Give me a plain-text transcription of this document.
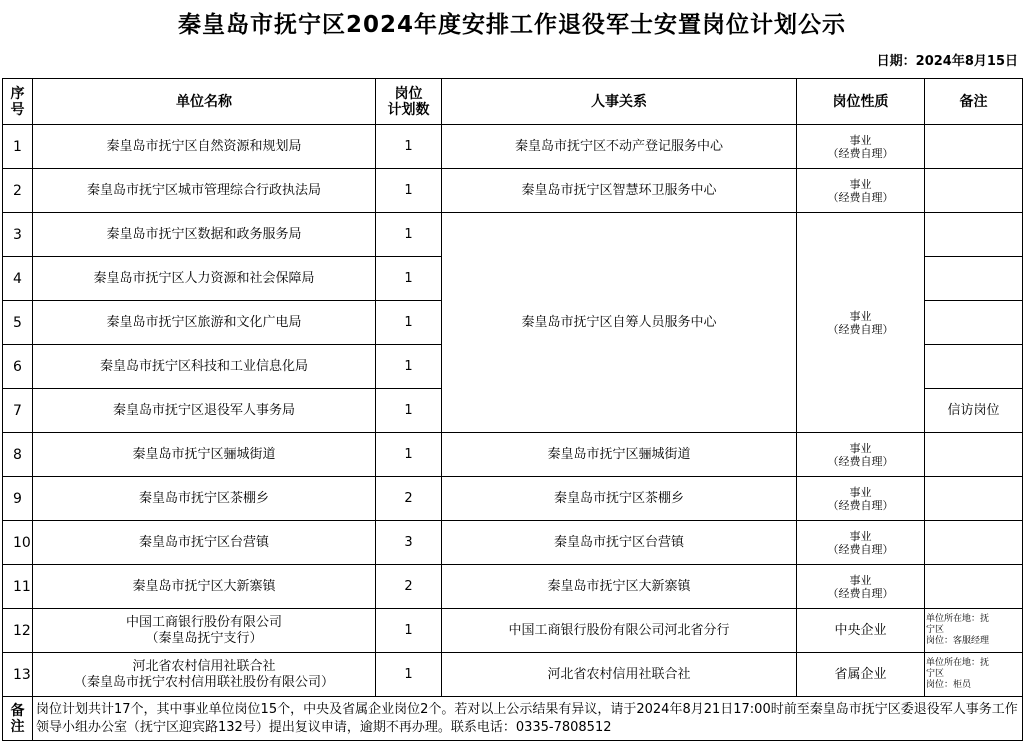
秦皇岛市抚宁区2024年度安排工作退役军士安置岗位计划公示
日期：2024年8月15日
序
号	单位名称	岗位
计划数	人事关系	岗位性质	备注
1	秦皇岛市抚宁区自然资源和规划局	1	秦皇岛市抚宁区不动产登记服务中心	事业
（经费自理）	

2	秦皇岛市抚宁区城市管理综合行政执法局	1	秦皇岛市抚宁区智慧环卫服务中心	事业
（经费自理）	

3	秦皇岛市抚宁区数据和政务服务局	1	秦皇岛市抚宁区自筹人员服务中心	事业
（经费自理）	

4	秦皇岛市抚宁区人力资源和社会保障局	1			
5	秦皇岛市抚宁区旅游和文化广电局	1			
6	秦皇岛市抚宁区科技和工业信息化局	1			
7	秦皇岛市抚宁区退役军人事务局	1			信访岗位
8	秦皇岛市抚宁区骊城街道	1	秦皇岛市抚宁区骊城街道	事业
（经费自理）	

9	秦皇岛市抚宁区茶棚乡	2	秦皇岛市抚宁区茶棚乡	事业
（经费自理）	

10	秦皇岛市抚宁区台营镇	3	秦皇岛市抚宁区台营镇	事业
（经费自理）	

11	秦皇岛市抚宁区大新寨镇	2	秦皇岛市抚宁区大新寨镇	事业
（经费自理）	

12	中国工商银行股份有限公司
（秦皇岛抚宁支行）	1	中国工商银行股份有限公司河北省分行	中央企业	单位所在地：抚
宁区
岗位：客服经理

13	河北省农村信用社联合社
（秦皇岛市抚宁农村信用联社股份有限公司）	1	河北省农村信用社联合社	省属企业	单位所在地：抚
宁区
岗位：柜员

备
注	岗位计划共计17个，其中事业单位岗位15个，中央及省属企业岗位2个。若对以上公示结果有异议，请于2024年8月21日17:00时前至秦皇岛市抚宁区委退役军人事务工作领导小组办公室（抚宁区迎宾路132号）提出复议申请，逾期不再办理。联系电话：0335-7808512				
